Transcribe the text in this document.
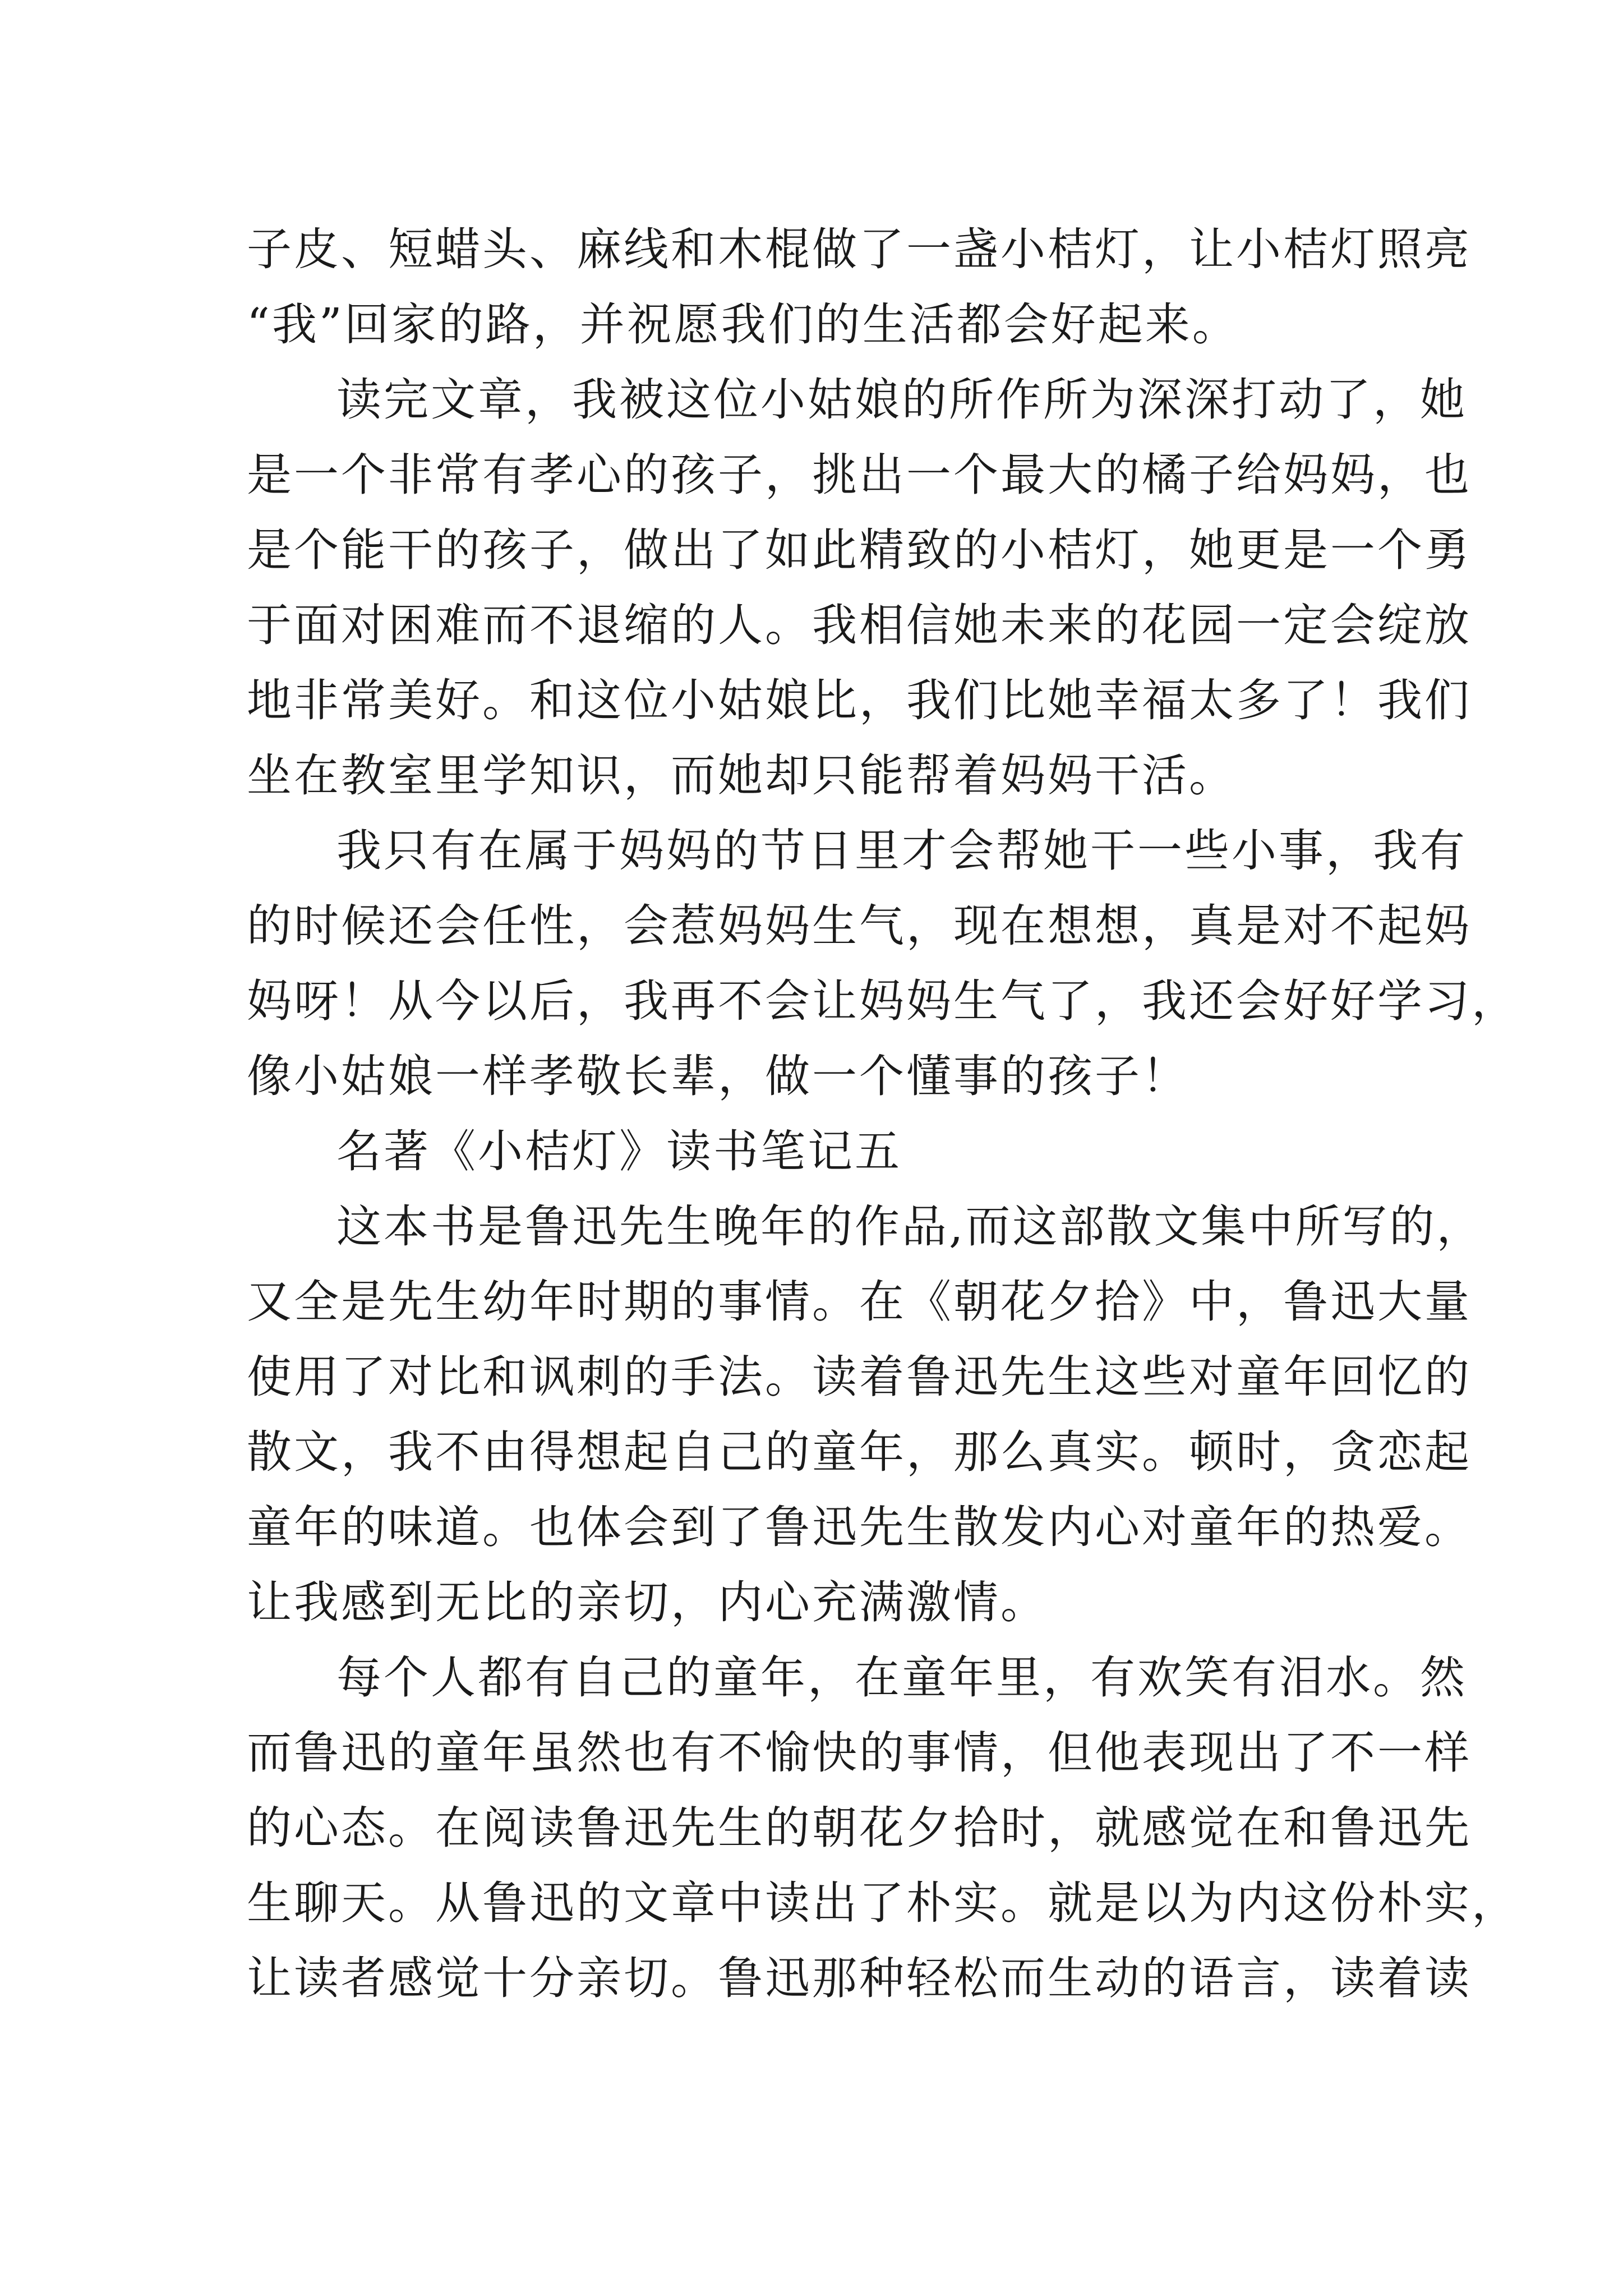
子皮、短蜡头、麻线和木棍做了一盏小桔灯，让小桔灯照亮
“我”回家的路，并祝愿我们的生活都会好起来。
读完文章，我被这位小姑娘的所作所为深深打动了，她
是一个非常有孝心的孩子，挑出一个最大的橘子给妈妈，也
是个能干的孩子，做出了如此精致的小桔灯，她更是一个勇
于面对困难而不退缩的人。我相信她未来的花园一定会绽放
地非常美好。和这位小姑娘比，我们比她幸福太多了！我们
坐在教室里学知识，而她却只能帮着妈妈干活。
我只有在属于妈妈的节日里才会帮她干一些小事，我有
的时候还会任性，会惹妈妈生气，现在想想，真是对不起妈
妈呀！从今以后，我再不会让妈妈生气了，我还会好好学习，
像小姑娘一样孝敬长辈，做一个懂事的孩子！
名著《小桔灯》读书笔记五
这本书是鲁迅先生晚年的作品,而这部散文集中所写的，
又全是先生幼年时期的事情。在《朝花夕拾》中，鲁迅大量
使用了对比和讽刺的手法。读着鲁迅先生这些对童年回忆的
散文，我不由得想起自己的童年，那么真实。顿时，贪恋起
童年的味道。也体会到了鲁迅先生散发内心对童年的热爱。
让我感到无比的亲切，内心充满激情。
每个人都有自己的童年，在童年里，有欢笑有泪水。然
而鲁迅的童年虽然也有不愉快的事情，但他表现出了不一样
的心态。在阅读鲁迅先生的朝花夕拾时，就感觉在和鲁迅先
生聊天。从鲁迅的文章中读出了朴实。就是以为内这份朴实，
让读者感觉十分亲切。鲁迅那种轻松而生动的语言，读着读
